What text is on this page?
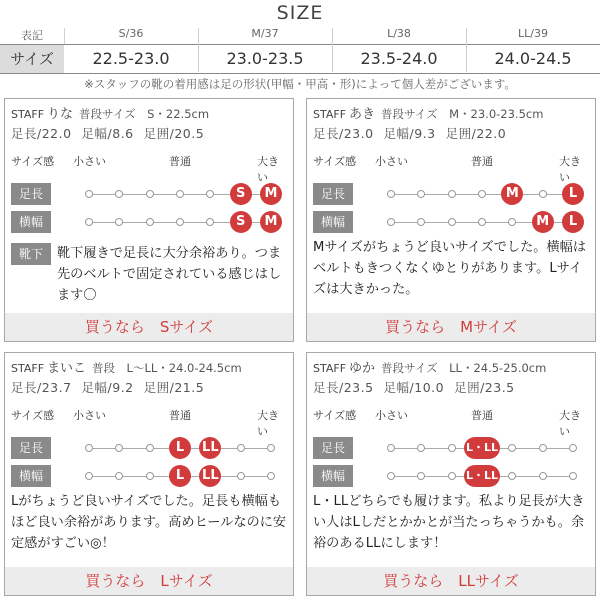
SIZE
表記	S/36	M/37	L/38	LL/39
サイズ	22.5-23.0	23.0-23.5	23.5-24.0	24.0-24.5
※スタッフの靴の着用感は足の形状(甲幅・甲高・形)によって個人差がございます。
STAFF りな 普段サイズ　S・22.5cm
足長/22.0 足幅/8.6 足囲/20.5
サイズ感 小さい	普通	大きい
靴下履きで足長に大分余裕あり。つま先のベルトで固定されている感じはします〇
買うなら　Sサイズ
足長	S	M
横幅	S	M
靴下
STAFF あき 普段サイズ　M・23.0-23.5cm
足長/23.0 足幅/9.3 足囲/22.0
サイズ感 小さい	普通	大きい
Mサイズがちょうど良いサイズでした。横幅はベルトもきつくなくゆとりがあります。Lサイズは大きかった。
買うなら　Mサイズ
足長	M	L
横幅	M	L
STAFF まいこ 普段　L〜LL・24.0-24.5cm
足長/23.7 足幅/9.2 足囲/21.5
サイズ感 小さい	普通	大きい
Lがちょうど良いサイズでした。足長も横幅もほど良い余裕があります。高めヒールなのに安定感がすごい◎！
買うなら　Lサイズ
足長	L	LL
横幅	L	LL
STAFF ゆか 普段サイズ　LL・24.5-25.0cm
足長/23.5 足幅/10.0 足囲/23.5
サイズ感 小さい	普通	大きい
L・LLどちらでも履けます。私より足長が大きい人はLしだとかかとが当たっちゃうかも。余裕のあるLLにします！
買うなら　LLサイズ
足長	L・LL
横幅	L・LL
